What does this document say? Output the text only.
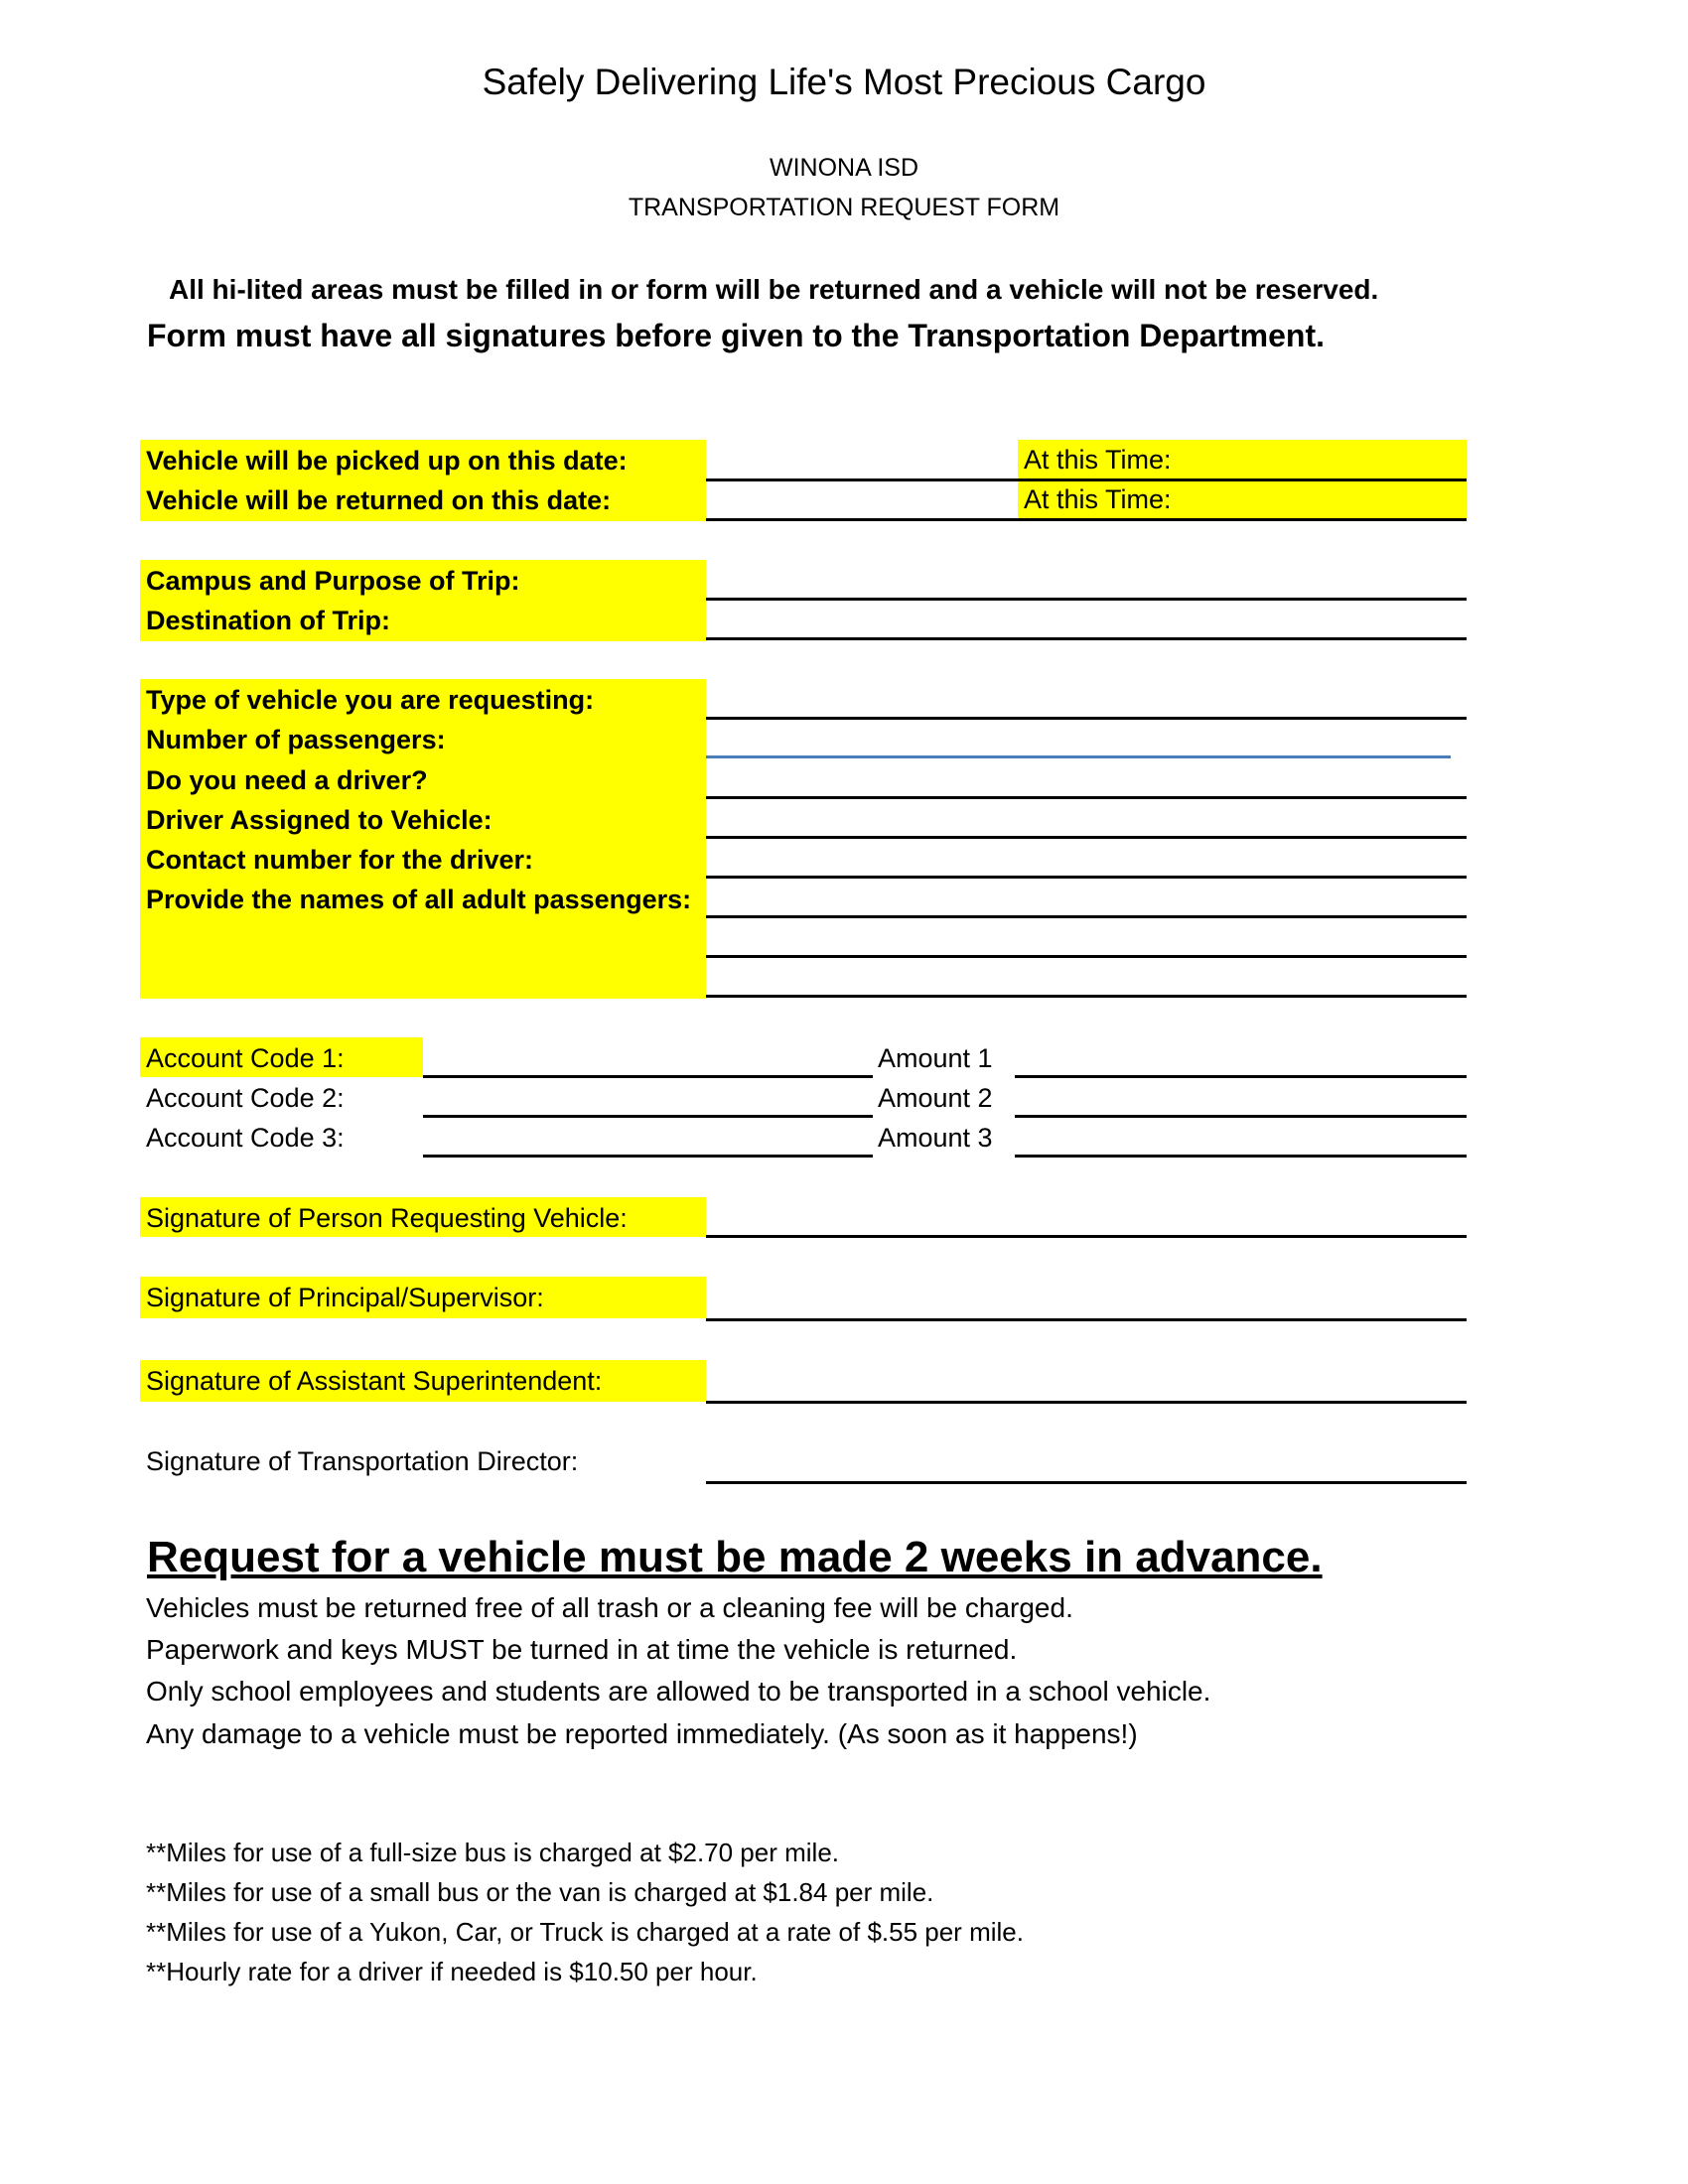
Safely Delivering Life's Most Precious Cargo
WINONA ISD
TRANSPORTATION REQUEST FORM
All hi-lited areas must be filled in or form will be returned and a vehicle will not be reserved.
Form must have all signatures before given to the Transportation Department.
Vehicle will be picked up on this date:
Vehicle will be returned on this date:
At this Time:
At this Time:
Campus and Purpose of Trip:
Destination of Trip:
Type of vehicle you are requesting:
Number of passengers:
Do you need a driver?
Driver Assigned to Vehicle:
Contact number for the driver:
Provide the names of all adult passengers:
Account Code 1:
Account Code 2:
Account Code 3:
Amount 1
Amount 2
Amount 3
Signature of Person Requesting Vehicle:
Signature of Principal/Supervisor:
Signature of Assistant Superintendent:
Signature of Transportation Director:
Request for a vehicle must be made 2 weeks in advance.
Vehicles must be returned free of all trash or a cleaning fee will be charged.
Paperwork and keys MUST be turned in at time the vehicle is returned.
Only school employees and students are allowed to be transported in a school vehicle.
Any damage to a vehicle must be reported immediately. (As soon as it happens!)
**Miles for use of a full-size bus is charged at $2.70 per mile.
**Miles for use of a small bus or the van is charged at $1.84 per mile.
**Miles for use of a Yukon, Car, or Truck is charged at a rate of $.55 per mile.
**Hourly rate for a driver if needed is $10.50 per hour.
